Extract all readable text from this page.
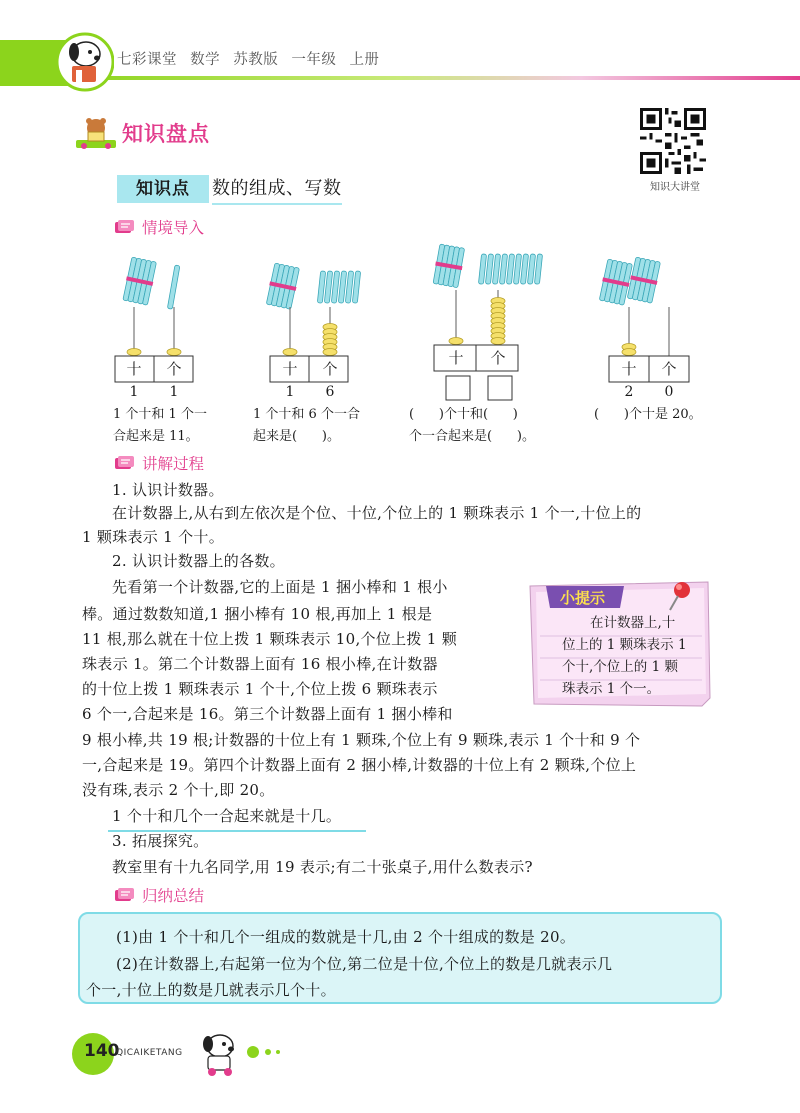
七彩课堂 数学 苏教版 一年级 上册
知识盘点
知识大讲堂
知识点	数的组成、写数
情境导入
十 个
1	1
1 个十和 1 个一
合起来是 11。
十 个
1	6
1 个十和 6 个一合
起来是(      )。
十 个
(      )个十和(      )
个一合起来是(      )。
十 个
2	0
(      )个十是 20。
讲解过程
1. 认识计数器。
在计数器上,从右到左依次是个位、十位,个位上的 1 颗珠表示 1 个一,十位上的
1 颗珠表示 1 个十。
2. 认识计数器上的各数。
先看第一个计数器,它的上面是 1 捆小棒和 1 根小
棒。通过数数知道,1 捆小棒有 10 根,再加上 1 根是
11 根,那么就在十位上拨 1 颗珠表示 10,个位上拨 1 颗
珠表示 1。第二个计数器上面有 16 根小棒,在计数器
的十位上拨 1 颗珠表示 1 个十,个位上拨 6 颗珠表示
6 个一,合起来是 16。第三个计数器上面有 1 捆小棒和
9 根小棒,共 19 根;计数器的十位上有 1 颗珠,个位上有 9 颗珠,表示 1 个十和 9 个
一,合起来是 19。第四个计数器上面有 2 捆小棒,计数器的十位上有 2 颗珠,个位上
没有珠,表示 2 个十,即 20。
1 个十和几个一合起来就是十几。
3. 拓展探究。
教室里有十九名同学,用 19 表示;有二十张桌子,用什么数表示?
小提示
在计数器上,十
位上的 1 颗珠表示 1
个十,个位上的 1 颗
珠表示 1 个一。
归纳总结
(1)由 1 个十和几个一组成的数就是十几,由 2 个十组成的数是 20。
(2)在计数器上,右起第一位为个位,第二位是十位,个位上的数是几就表示几
个一,十位上的数是几就表示几个十。
140
QICAIKETANG
